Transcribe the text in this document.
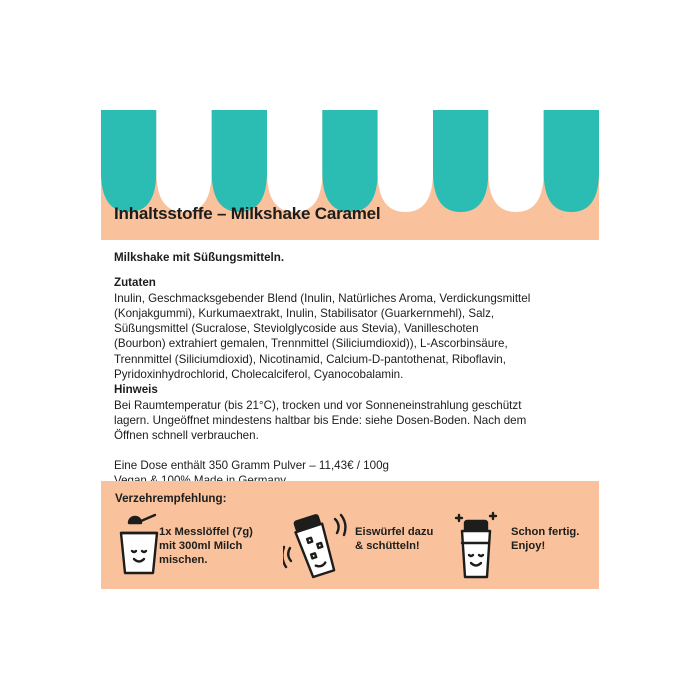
Inhaltsstoffe – Milkshake Caramel

Milkshake mit Süßungsmitteln.

Zutaten

Inulin, Geschmacksgebender Blend (Inulin, Natürliches Aroma, Verdickungsmittel

(Konjakgummi), Kurkumaextrakt, Inulin, Stabilisator (Guarkernmehl), Salz,

Süßungsmittel (Sucralose, Steviolglycoside aus Stevia), Vanilleschoten

(Bourbon) extrahiert gemalen, Trennmittel (Siliciumdioxid)), L-Ascorbinsäure,

Trennmittel (Siliciumdioxid), Nicotinamid, Calcium-D-pantothenat, Riboflavin,

Pyridoxinhydrochlorid, Cholecalciferol, Cyanocobalamin.

Hinweis

Bei Raumtemperatur (bis 21°C), trocken und vor Sonneneinstrahlung geschützt

lagern. Ungeöffnet mindestens haltbar bis Ende: siehe Dosen-Boden. Nach dem

Öffnen schnell verbrauchen.

Eine Dose enthält 350 Gramm Pulver – 11,43€ / 100g

Verzehrempfehlung:

1x Messlöffel (7g)
mit 300ml Milch
mischen.
Eiswürfel dazu
& schütteln!
Schon fertig.
Enjoy!
